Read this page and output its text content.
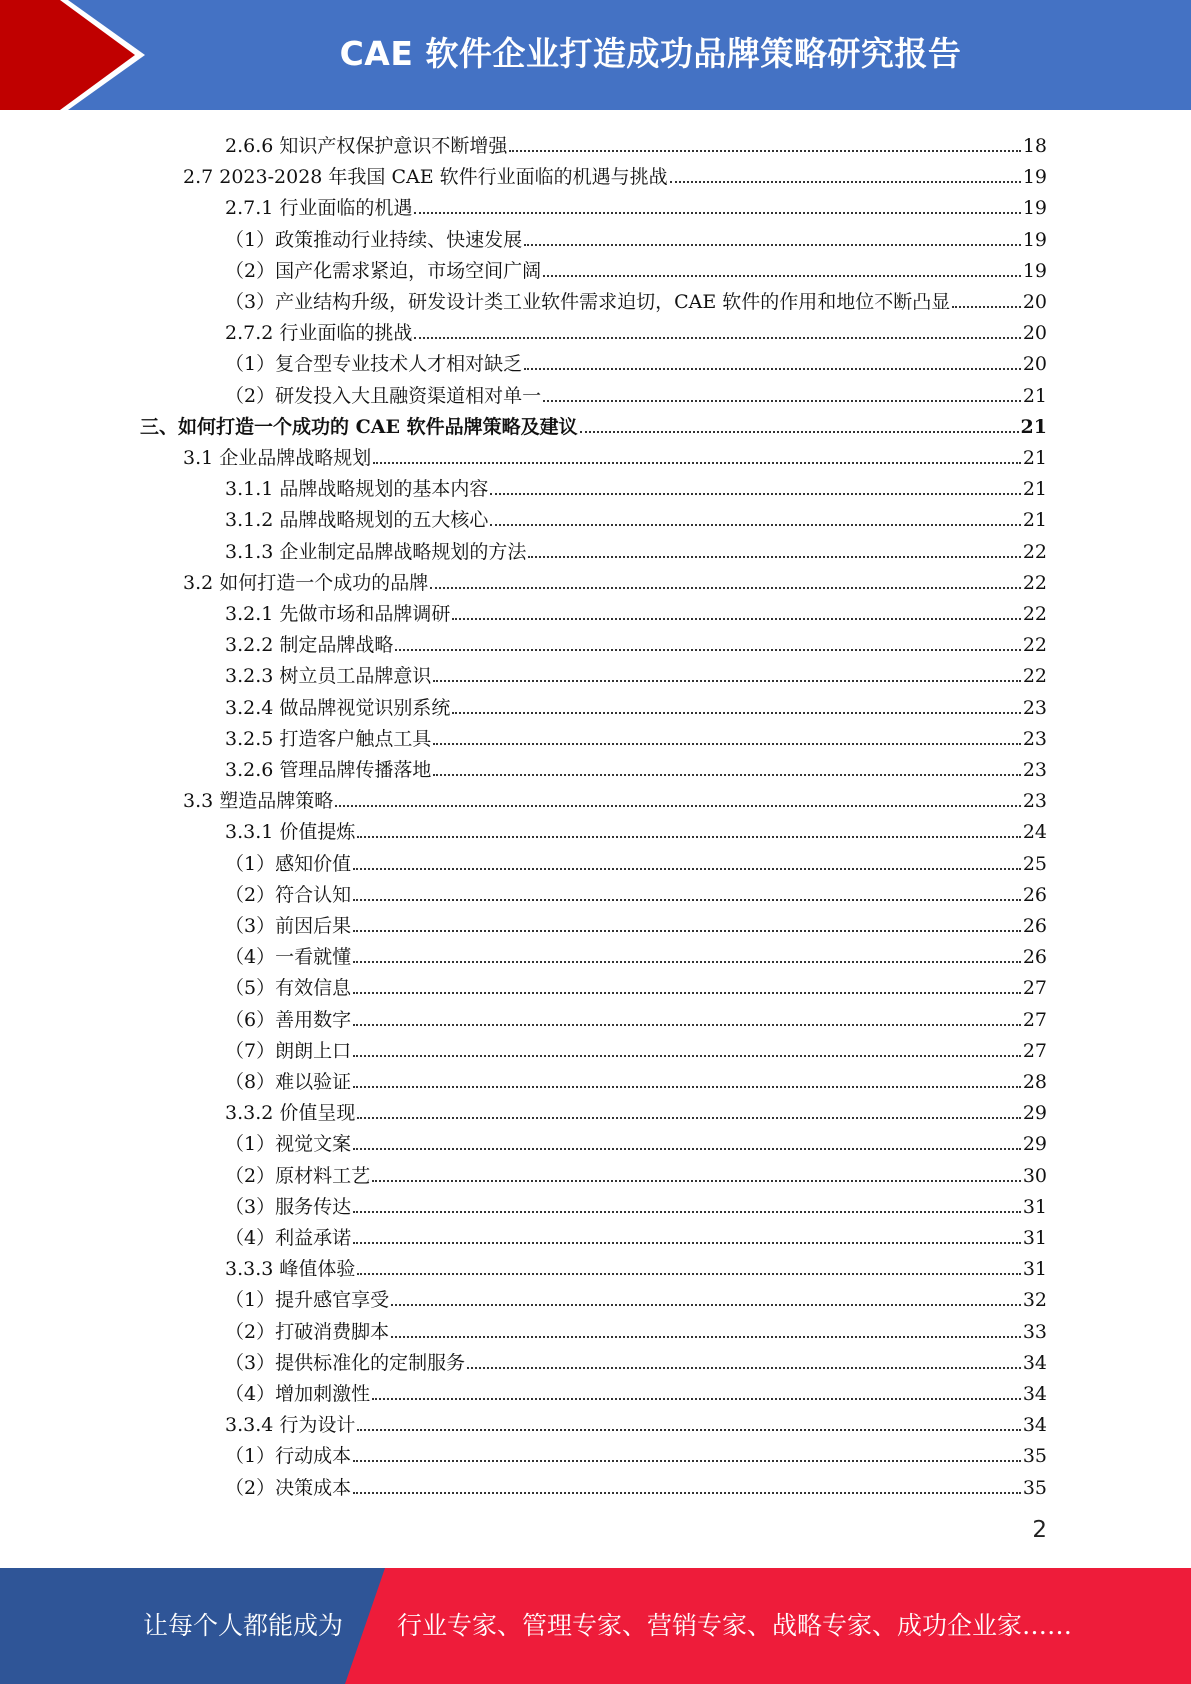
CAE 软件企业打造成功品牌策略研究报告
2.6.6 知识产权保护意识不断增强	18
2.7 2023-2028 年我国 CAE 软件行业面临的机遇与挑战	19
2.7.1 行业面临的机遇	19
（1）政策推动行业持续、快速发展	19
（2）国产化需求紧迫，市场空间广阔	19
（3）产业结构升级，研发设计类工业软件需求迫切，CAE 软件的作用和地位不断凸显	20
2.7.2 行业面临的挑战	20
（1）复合型专业技术人才相对缺乏	20
（2）研发投入大且融资渠道相对单一	21
三、如何打造一个成功的 CAE 软件品牌策略及建议	21
3.1 企业品牌战略规划	21
3.1.1 品牌战略规划的基本内容	21
3.1.2 品牌战略规划的五大核心	21
3.1.3 企业制定品牌战略规划的方法	22
3.2 如何打造一个成功的品牌	22
3.2.1 先做市场和品牌调研	22
3.2.2 制定品牌战略	22
3.2.3 树立员工品牌意识	22
3.2.4 做品牌视觉识别系统	23
3.2.5 打造客户触点工具	23
3.2.6 管理品牌传播落地	23
3.3 塑造品牌策略	23
3.3.1 价值提炼	24
（1）感知价值	25
（2）符合认知	26
（3）前因后果	26
（4）一看就懂	26
（5）有效信息	27
（6）善用数字	27
（7）朗朗上口	27
（8）难以验证	28
3.3.2 价值呈现	29
（1）视觉文案	29
（2）原材料工艺	30
（3）服务传达	31
（4）利益承诺	31
3.3.3 峰值体验	31
（1）提升感官享受	32
（2）打破消费脚本	33
（3）提供标准化的定制服务	34
（4）增加刺激性	34
3.3.4 行为设计	34
（1）行动成本	35
（2）决策成本	35
2
让每个人都能成为 行业专家、管理专家、营销专家、战略专家、成功企业家……
